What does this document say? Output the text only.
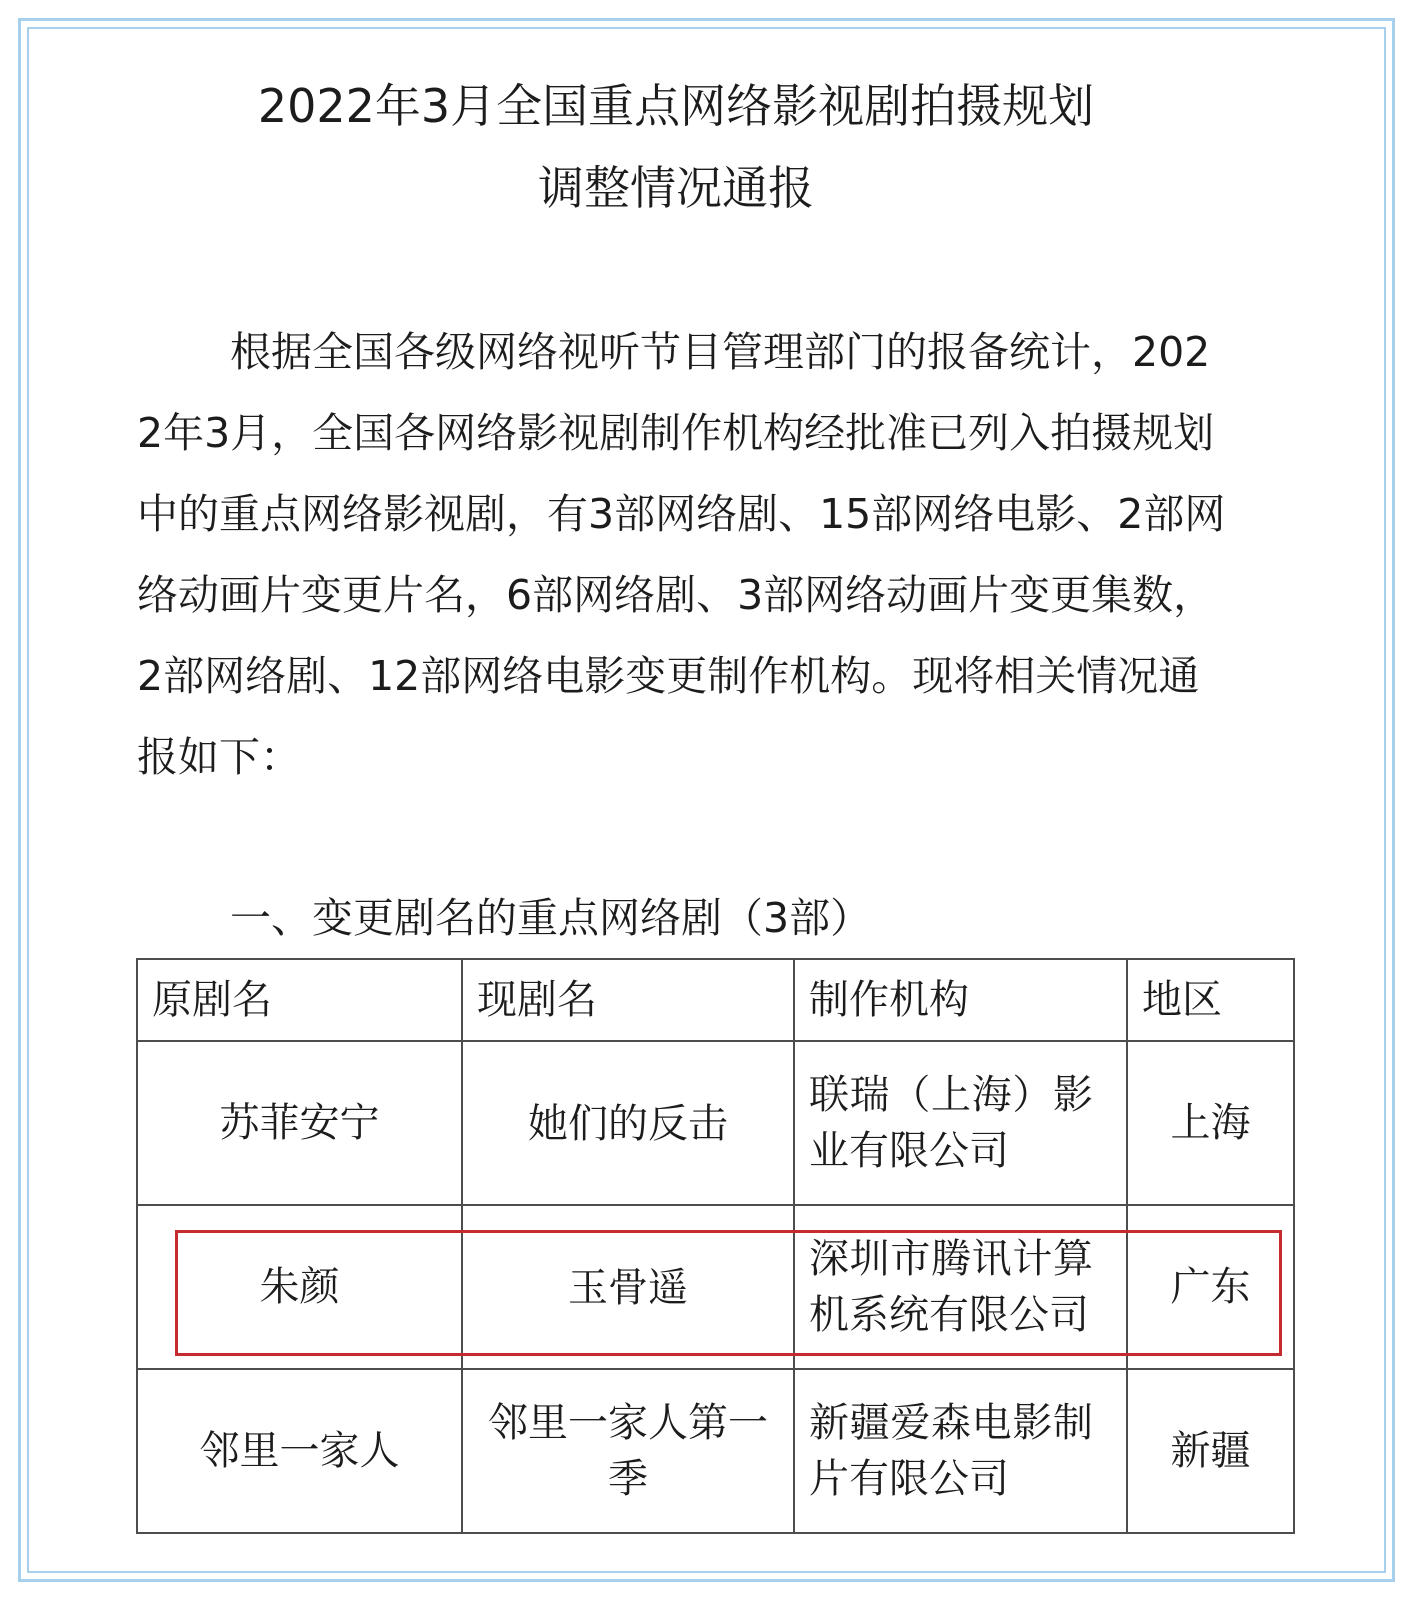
2022年3月全国重点网络影视剧拍摄规划
调整情况通报
根据全国各级网络视听节目管理部门的报备统计，202
2年3月，全国各网络影视剧制作机构经批准已列入拍摄规划
中的重点网络影视剧，有3部网络剧、15部网络电影、2部网
络动画片变更片名，6部网络剧、3部网络动画片变更集数，
2部网络剧、12部网络电影变更制作机构。现将相关情况通
报如下：
一、变更剧名的重点网络剧（3部）
原剧名	现剧名	制作机构	地区
苏菲安宁	她们的反击	联瑞（上海）影业有限公司	上海
朱颜	玉骨遥	深圳市腾讯计算机系统有限公司	广东
邻里一家人	邻里一家人第一季	新疆爱森电影制片有限公司	新疆
